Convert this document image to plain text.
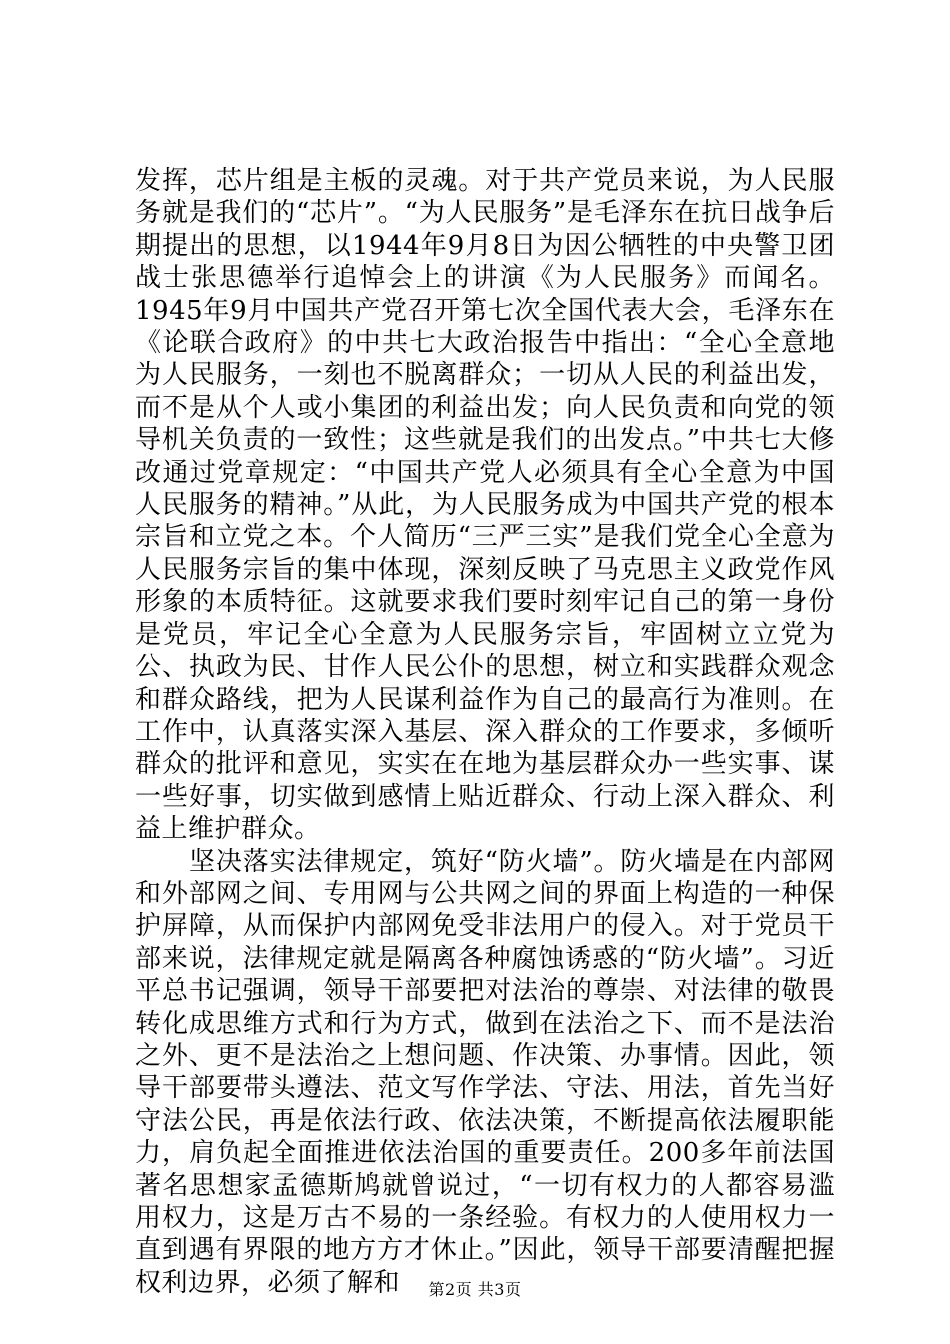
发挥，芯片组是主板的灵魂。对于共产党员来说，为人民服务就是我们的“芯片”。“为人民服务”是毛泽东在抗日战争后期提出的思想，以1944年9月8日为因公牺牲的中央警卫团战士张思德举行追悼会上的讲演《为人民服务》而闻名。1945年9月中国共产党召开第七次全国代表大会，毛泽东在《论联合政府》的中共七大政治报告中指出：“全心全意地为人民服务，一刻也不脱离群众；一切从人民的利益出发，而不是从个人或小集团的利益出发；向人民负责和向党的领导机关负责的一致性；这些就是我们的出发点。”中共七大修改通过党章规定：“中国共产党人必须具有全心全意为中国人民服务的精神。”从此，为人民服务成为中国共产党的根本宗旨和立党之本。个人简历“三严三实”是我们党全心全意为人民服务宗旨的集中体现，深刻反映了马克思主义政党作风形象的本质特征。这就要求我们要时刻牢记自己的第一身份是党员，牢记全心全意为人民服务宗旨，牢固树立立党为公、执政为民、甘作人民公仆的思想，树立和实践群众观念和群众路线，把为人民谋利益作为自己的最高行为准则。在工作中，认真落实深入基层、深入群众的工作要求，多倾听群众的批评和意见，实实在在地为基层群众办一些实事、谋一些好事，切实做到感情上贴近群众、行动上深入群众、利益上维护群众。

坚决落实法律规定，筑好“防火墙”。防火墙是在内部网和外部网之间、专用网与公共网之间的界面上构造的一种保护屏障，从而保护内部网免受非法用户的侵入。对于党员干部来说，法律规定就是隔离各种腐蚀诱惑的“防火墙”。习近平总书记强调，领导干部要把对法治的尊崇、对法律的敬畏转化成思维方式和行为方式，做到在法治之下、而不是法治之外、更不是法治之上想问题、作决策、办事情。因此，领导干部要带头遵法、范文写作学法、守法、用法，首先当好守法公民，再是依法行政、依法决策，不断提高依法履职能力，肩负起全面推进依法治国的重要责任。200多年前法国著名思想家孟德斯鸠就曾说过，“一切有权力的人都容易滥用权力，这是万古不易的一条经验。有权力的人使用权力一直到遇有界限的地方方才休止。”因此，领导干部要清醒把握权利边界，必须了解和	第2页 共3页
